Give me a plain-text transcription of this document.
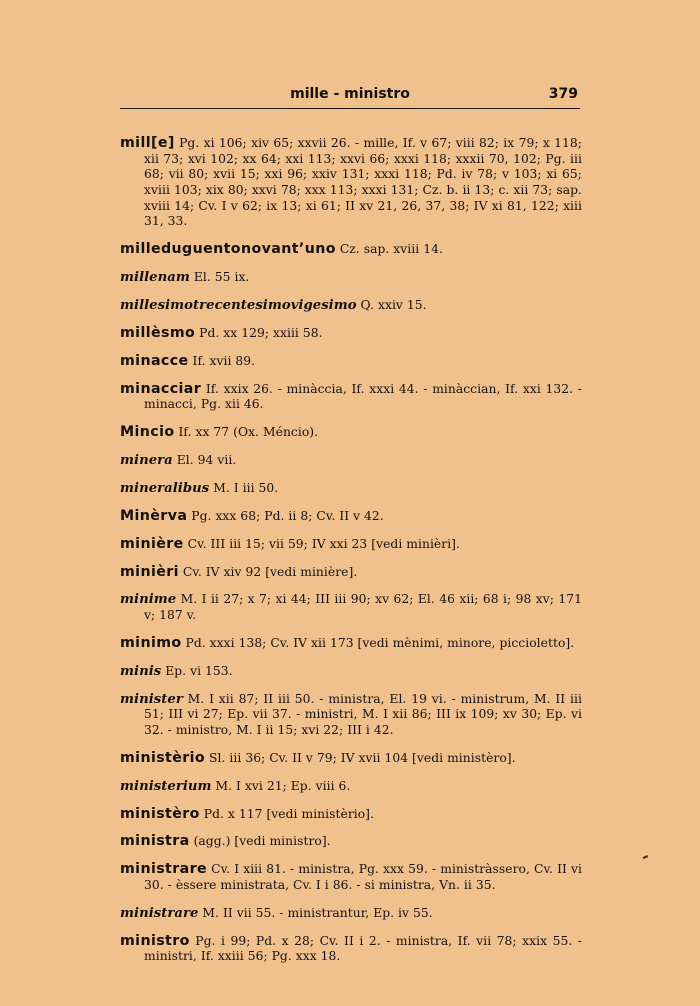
mille - ministro	379

mill[e] Pg. xi 106; xiv 65; xxvii 26. - mille, If. v 67; viii 82; ix 79; x 118; xii 73; xvi 102; xx 64; xxi 113; xxvi 66; xxxi 118; xxxii 70, 102; Pg. iii 68; vii 80; xvii 15; xxi 96; xxiv 131; xxxi 118; Pd. iv 78; v 103; xi 65; xviii 103; xix 80; xxvi 78; xxx 113; xxxi 131; Cz. b. ii 13; c. xii 73; sap. xviii 14; Cv. I v 62; ix 13; xi 61; II xv 21, 26, 37, 38; IV xi 81, 122; xiii 31, 33.

milleduguentonovant’uno Cz. sap. xviii 14.

millenam El. 55 ix.

millesimotrecentesimovigesimo Q. xxiv 15.

millèsmo Pd. xx 129; xxiii 58.

minacce If. xvii 89.

minacciar If. xxix 26. - minàccia, If. xxxi 44. - minàccian, If. xxi 132. - minacci, Pg. xii 46.

Mincio If. xx 77 (Ox. Méncio).

minera El. 94 vii.

mineralibus M. I iii 50.

Minèrva Pg. xxx 68; Pd. ii 8; Cv. II v 42.

minière Cv. III iii 15; vii 59; IV xxi 23 [vedi minièri].

minièri Cv. IV xiv 92 [vedi minière].

minime M. I ii 27; x 7; xi 44; III iii 90; xv 62; El. 46 xii; 68 i; 98 xv; 171 v; 187 v.

minimo Pd. xxxi 138; Cv. IV xii 173 [vedi mènimi, minore, piccioletto].

minis Ep. vi 153.

minister M. I xii 87; II iii 50. - ministra, El. 19 vi. - ministrum, M. II iii 51; III vi 27; Ep. vii 37. - ministri, M. I xii 86; III ix 109; xv 30; Ep. vi 32. - ministro, M. I ii 15; xvi 22; III i 42.

ministèrio Sl. iii 36; Cv. II v 79; IV xvii 104 [vedi ministèro].

ministerium M. I xvi 21; Ep. viii 6.

ministèro Pd. x 117 [vedi ministèrio].

ministra (agg.) [vedi ministro].

ministrare Cv. I xiii 81. - ministra, Pg. xxx 59. - ministràssero, Cv. II vi 30. - èssere ministrata, Cv. I i 86. - si ministra, Vn. ii 35.

ministrare M. II vii 55. - ministrantur, Ep. iv 55.

ministro Pg. i 99; Pd. x 28; Cv. II i 2. - ministra, If. vii 78; xxix 55. - ministri, If. xxiii 56; Pg. xxx 18.
